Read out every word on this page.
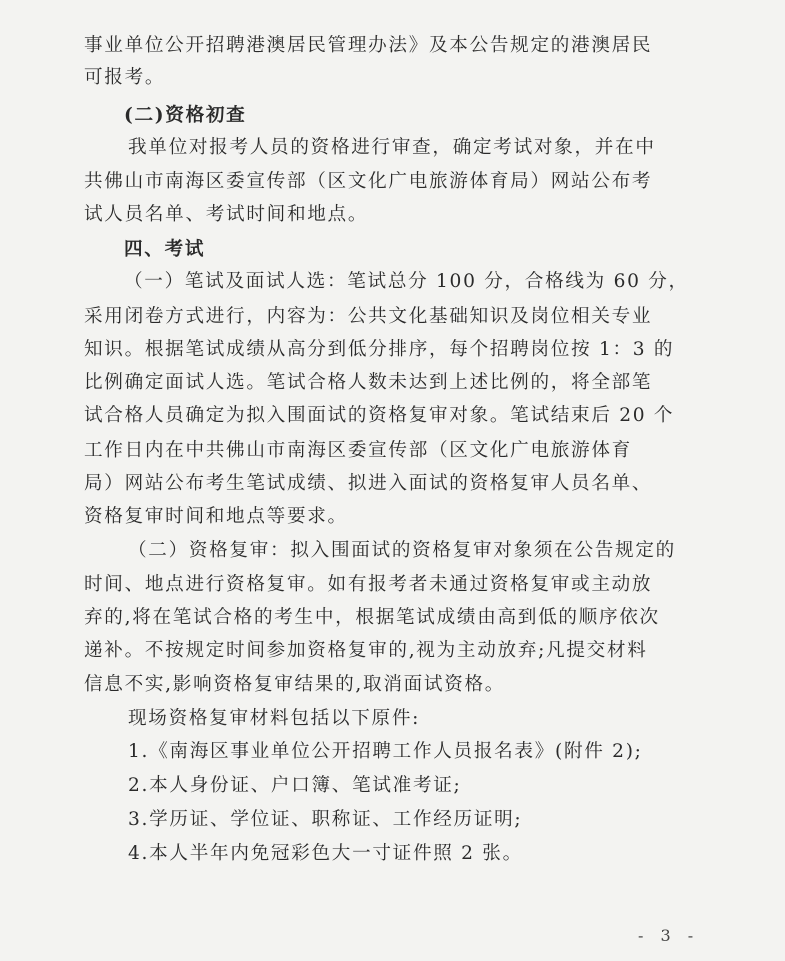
事业单位公开招聘港澳居民管理办法》及本公告规定的港澳居民
可报考。
(二)资格初查
我单位对报考人员的资格进行审查，确定考试对象，并在中
共佛山市南海区委宣传部（区文化广电旅游体育局）网站公布考
试人员名单、考试时间和地点。
四、考试
（一）笔试及面试人选：笔试总分 100 分，合格线为 60 分，
采用闭卷方式进行，内容为：公共文化基础知识及岗位相关专业
知识。根据笔试成绩从高分到低分排序，每个招聘岗位按 1：3 的
比例确定面试人选。笔试合格人数未达到上述比例的，将全部笔
试合格人员确定为拟入围面试的资格复审对象。笔试结束后 20 个
工作日内在中共佛山市南海区委宣传部（区文化广电旅游体育
局）网站公布考生笔试成绩、拟进入面试的资格复审人员名单、
资格复审时间和地点等要求。
（二）资格复审：拟入围面试的资格复审对象须在公告规定的
时间、地点进行资格复审。如有报考者未通过资格复审或主动放
弃的,将在笔试合格的考生中，根据笔试成绩由高到低的顺序依次
递补。不按规定时间参加资格复审的,视为主动放弃;凡提交材料
信息不实,影响资格复审结果的,取消面试资格。
现场资格复审材料包括以下原件:
1.《南海区事业单位公开招聘工作人员报名表》(附件 2);
2.本人身份证、户口簿、笔试准考证;
3.学历证、学位证、职称证、工作经历证明;
4.本人半年内免冠彩色大一寸证件照 2 张。
- 3 -
